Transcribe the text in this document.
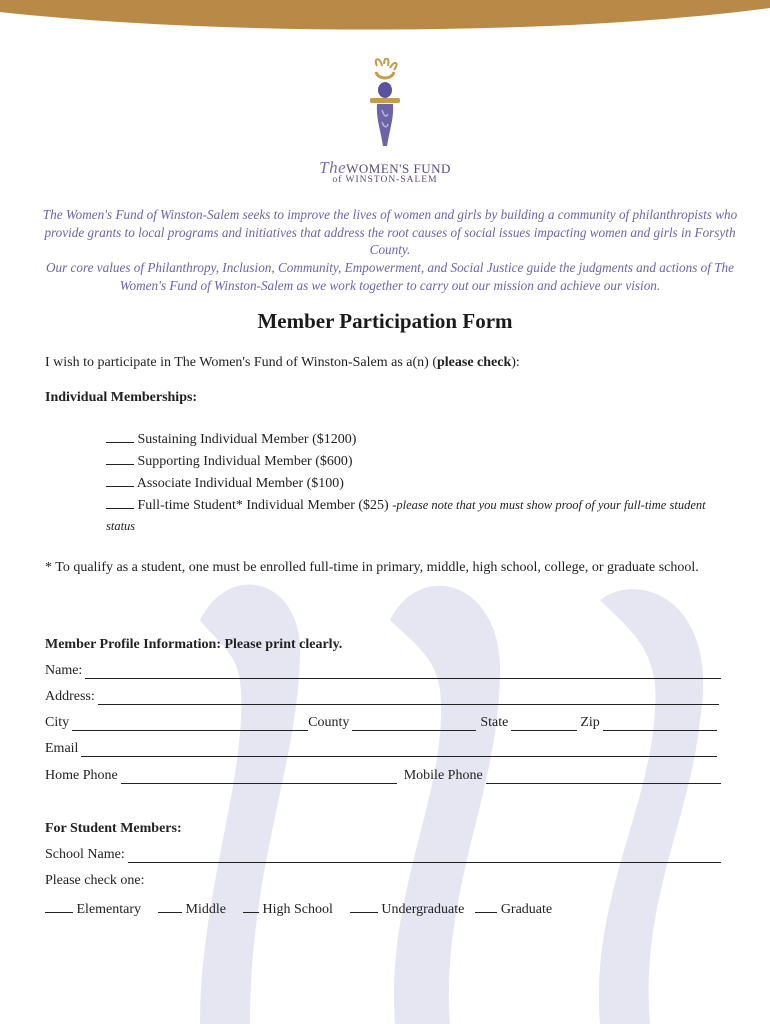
The WOMEN'S FUND
of WINSTON-SALEM
The Women's Fund of Winston-Salem seeks to improve the lives of women and girls by building a community of philanthropists who provide grants to local programs and initiatives that address the root causes of social issues impacting women and girls in Forsyth County.
Our core values of Philanthropy, Inclusion, Community, Empowerment, and Social Justice guide the judgments and actions of The Women's Fund of Winston-Salem as we work together to carry out our mission and achieve our vision.
Member Participation Form
I wish to participate in The Women's Fund of Winston-Salem as a(n) (please check):
Individual Memberships:
Sustaining Individual Member ($1200)
Supporting Individual Member ($600)
Associate Individual Member ($100)
Full-time Student* Individual Member ($25) -please note that you must show proof of your full-time student
status
* To qualify as a student, one must be enrolled full-time in primary, middle, high school, college, or graduate school.
Member Profile Information: Please print clearly.
Name:
Address:
City	County	State	Zip
Email
Home Phone	Mobile Phone
For Student Members:
School Name:
Please check one:
Elementary	Middle	High School	Undergraduate	Graduate
